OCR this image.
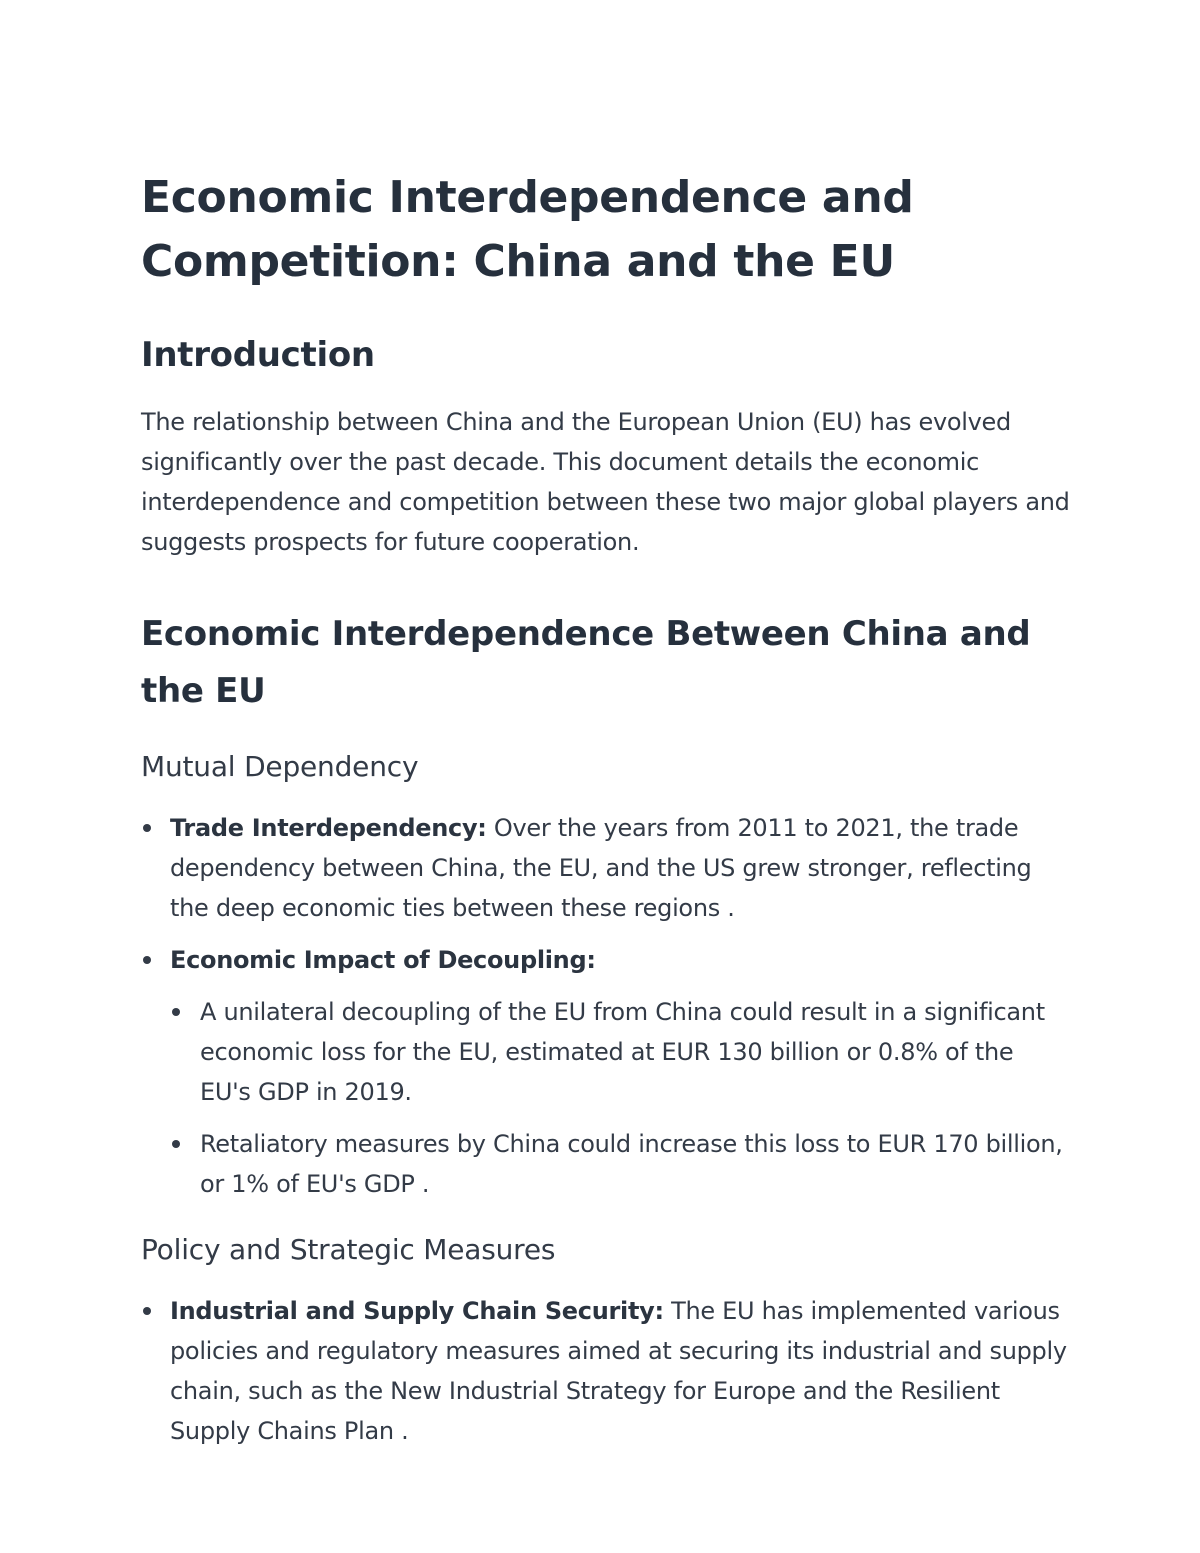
Economic Interdependence and Competition: China and the EU
Introduction

The relationship between China and the European Union (EU) has evolved significantly over the past decade. This document details the economic interdependence and competition between these two major global players and suggests prospects for future cooperation.

Economic Interdependence Between China and the EU
Mutual Dependency
Trade Interdependency: Over the years from 2011 to 2021, the trade dependency between China, the EU, and the US grew stronger, reflecting the deep economic ties between these regions .
Economic Impact of Decoupling:
A unilateral decoupling of the EU from China could result in a significant economic loss for the EU, estimated at EUR 130 billion or 0.8% of the EU's GDP in 2019.
Retaliatory measures by China could increase this loss to EUR 170 billion, or 1% of EU's GDP .
Policy and Strategic Measures
Industrial and Supply Chain Security: The EU has implemented various policies and regulatory measures aimed at securing its industrial and supply chain, such as the New Industrial Strategy for Europe and the Resilient Supply Chains Plan .
